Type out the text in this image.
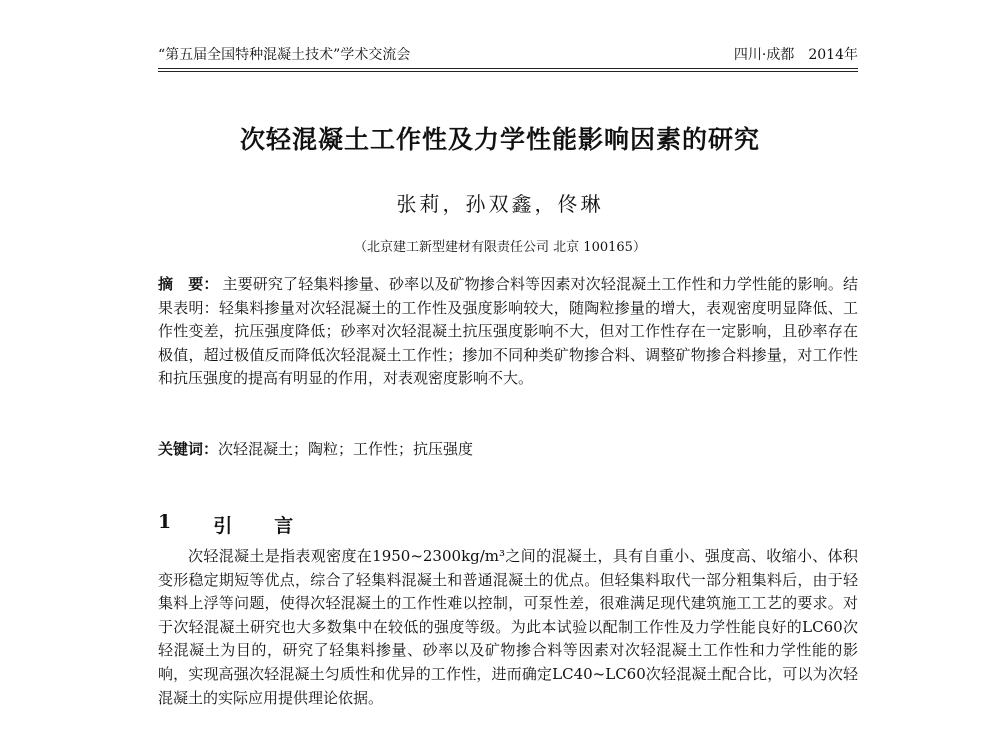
“第五届全国特种混凝土技术”学术交流会	四川·成都　2014年
次轻混凝土工作性及力学性能影响因素的研究
张莉，孙双鑫，佟琳
（北京建工新型建材有限责任公司 北京 100165）
摘　要： 主要研究了轻集料掺量、砂率以及矿物掺合料等因素对次轻混凝土工作性和力学性能的影响。结果表明：轻集料掺量对次轻混凝土的工作性及强度影响较大，随陶粒掺量的增大，表观密度明显降低、工作性变差，抗压强度降低；砂率对次轻混凝土抗压强度影响不大，但对工作性存在一定影响，且砂率存在极值，超过极值反而降低次轻混凝土工作性；掺加不同种类矿物掺合料、调整矿物掺合料掺量，对工作性和抗压强度的提高有明显的作用，对表观密度影响不大。
关键词：次轻混凝土；陶粒；工作性；抗压强度
1 引言
次轻混凝土是指表观密度在1950~2300kg/m³之间的混凝土，具有自重小、强度高、收缩小、体积变形稳定期短等优点，综合了轻集料混凝土和普通混凝土的优点。但轻集料取代一部分粗集料后，由于轻集料上浮等问题，使得次轻混凝土的工作性难以控制，可泵性差，很难满足现代建筑施工工艺的要求。对于次轻混凝土研究也大多数集中在较低的强度等级。为此本试验以配制工作性及力学性能良好的LC60次轻混凝土为目的，研究了轻集料掺量、砂率以及矿物掺合料等因素对次轻混凝土工作性和力学性能的影响，实现高强次轻混凝土匀质性和优异的工作性，进而确定LC40~LC60次轻混凝土配合比，可以为次轻混凝土的实际应用提供理论依据。
